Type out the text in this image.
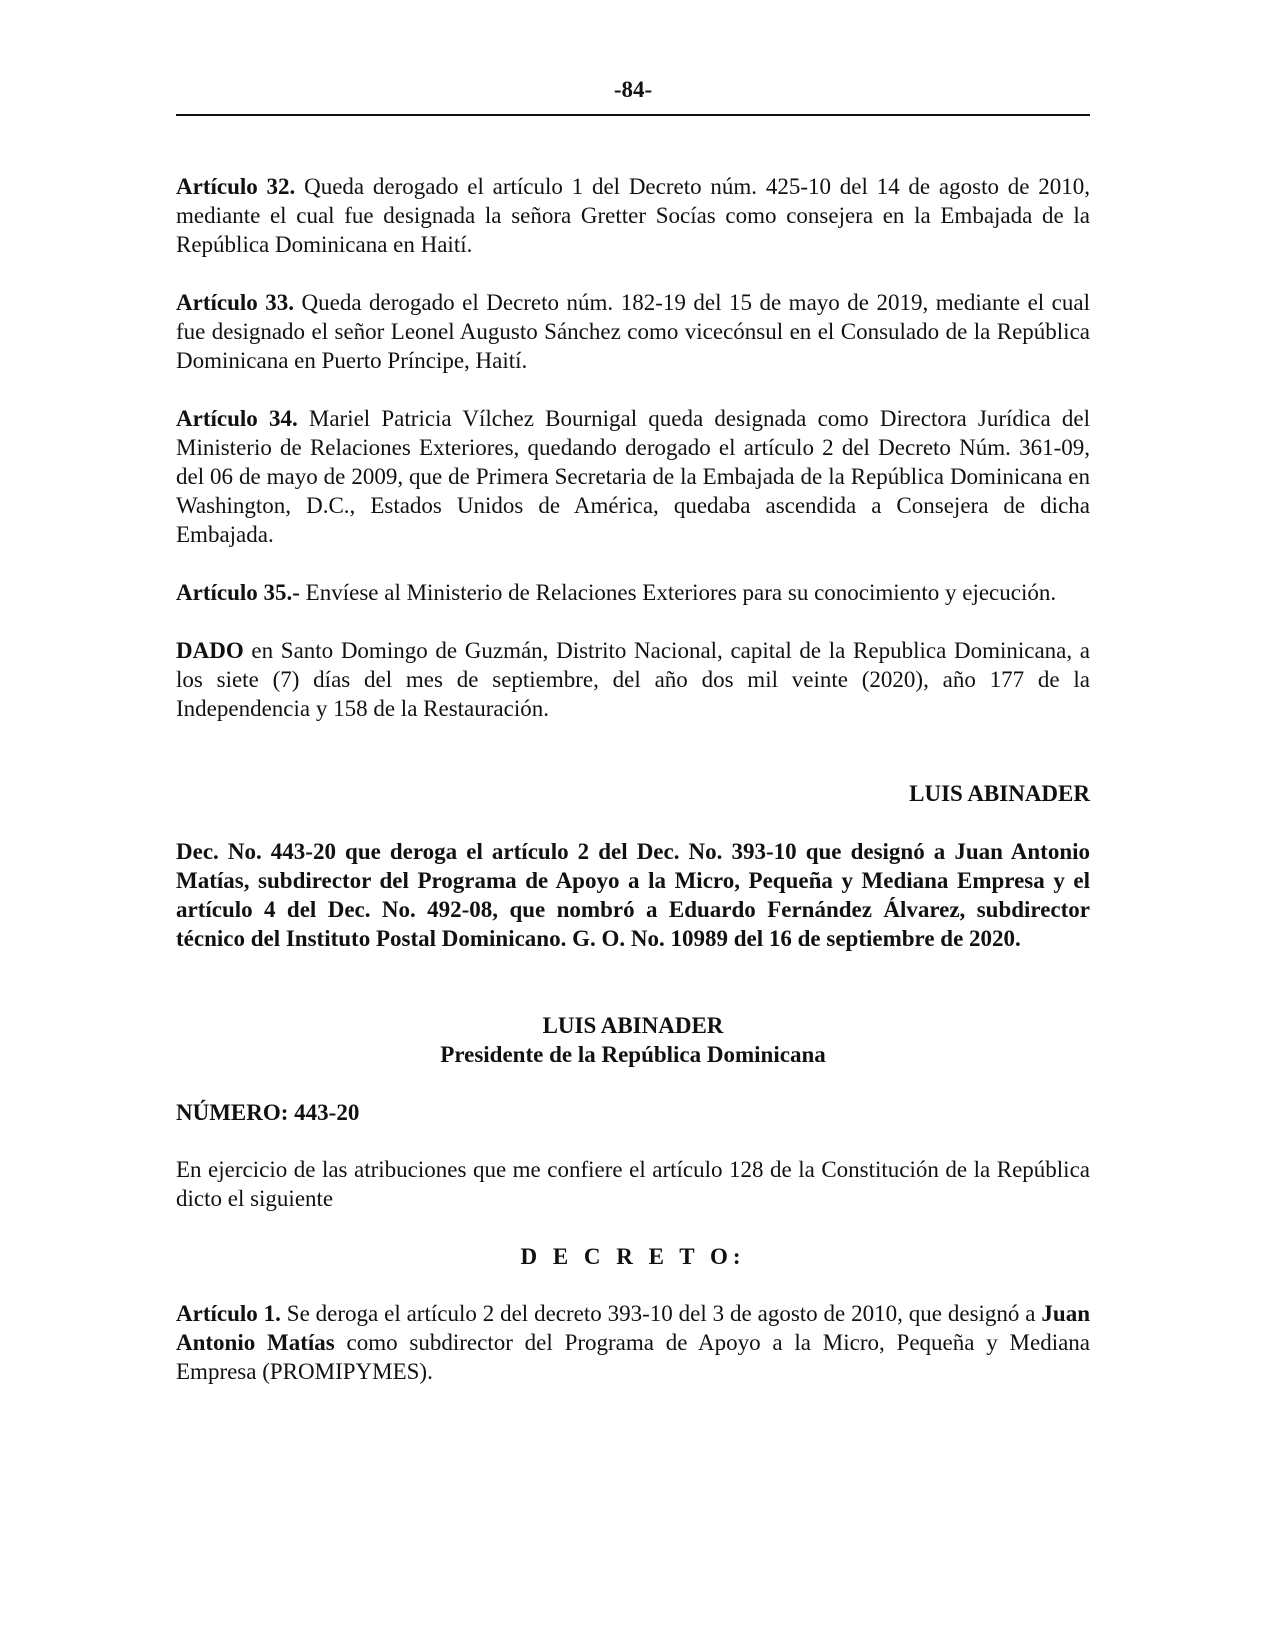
-84-

Artículo 32. Queda derogado el artículo 1 del Decreto núm. 425-10 del 14 de agosto de 2010, mediante el cual fue designada la señora Gretter Socías como consejera en la Embajada de la República Dominicana en Haití.

Artículo 33. Queda derogado el Decreto núm. 182-19 del 15 de mayo de 2019, mediante el cual fue designado el señor Leonel Augusto Sánchez como vicecónsul en el Consulado de la República Dominicana en Puerto Príncipe, Haití.

Artículo 34. Mariel Patricia Vílchez Bournigal queda designada como Directora Jurídica del Ministerio de Relaciones Exteriores, quedando derogado el artículo 2 del Decreto Núm. 361-09, del 06 de mayo de 2009, que de Primera Secretaria de la Embajada de la República Dominicana en Washington, D.C., Estados Unidos de América, quedaba ascendida a Consejera de dicha Embajada.

Artículo 35.- Envíese al Ministerio de Relaciones Exteriores para su conocimiento y ejecución.

DADO en Santo Domingo de Guzmán, Distrito Nacional, capital de la Republica Dominicana, a los siete (7) días del mes de septiembre, del año dos mil veinte (2020), año 177 de la Independencia y 158 de la Restauración.

LUIS ABINADER

Dec. No. 443-20 que deroga el artículo 2 del Dec. No. 393-10 que designó a Juan Antonio Matías, subdirector del Programa de Apoyo a la Micro, Pequeña y Mediana Empresa y el artículo 4 del Dec. No. 492-08, que nombró a Eduardo Fernández Álvarez, subdirector técnico del Instituto Postal Dominicano. G. O. No. 10989 del 16 de septiembre de 2020.

LUIS ABINADER
Presidente de la República Dominicana

NÚMERO: 443-20

En ejercicio de las atribuciones que me confiere el artículo 128 de la Constitución de la República dicto el siguiente

D E C R E T O:

Artículo 1. Se deroga el artículo 2 del decreto 393-10 del 3 de agosto de 2010, que designó a Juan Antonio Matías como subdirector del Programa de Apoyo a la Micro, Pequeña y Mediana Empresa (PROMIPYMES).
